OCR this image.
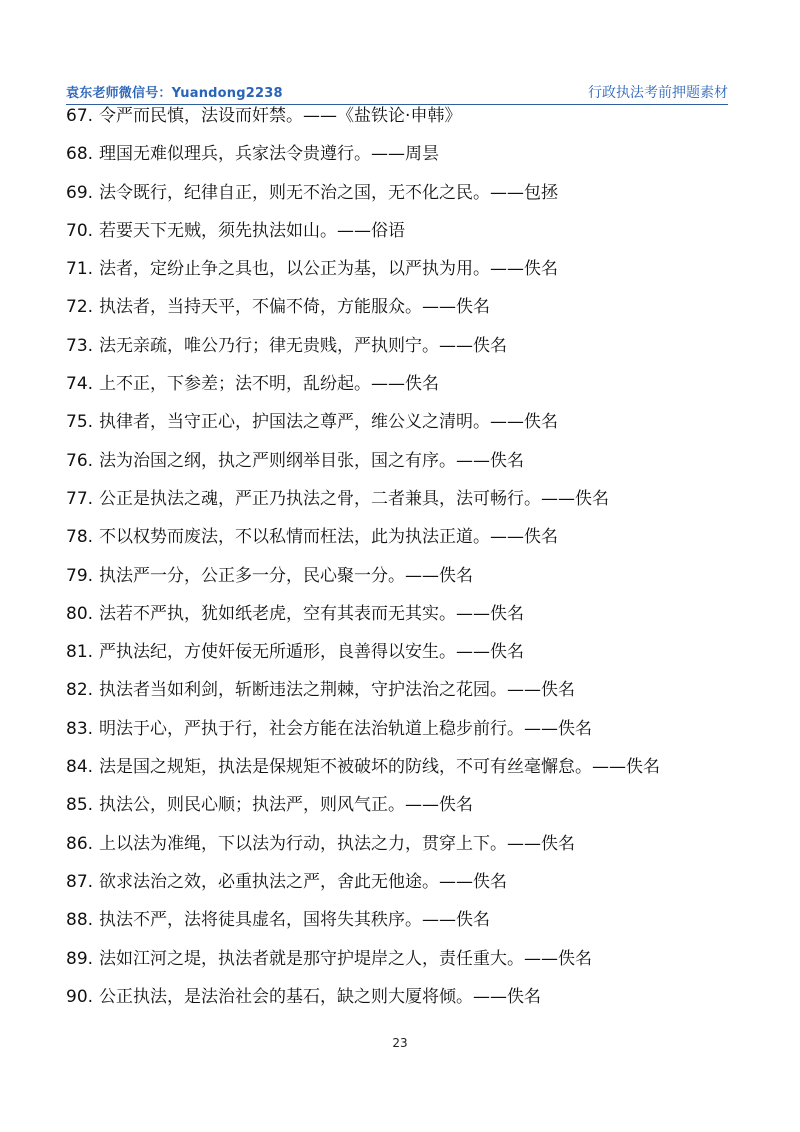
袁东老师微信号：Yuandong2238	行政执法考前押题素材
67. 令严而民慎，法设而奸禁。——《盐铁论·申韩》
68. 理国无难似理兵，兵家法令贵遵行。——周昙
69. 法令既行，纪律自正，则无不治之国，无不化之民。——包拯
70. 若要天下无贼，须先执法如山。——俗语
71. 法者，定纷止争之具也，以公正为基，以严执为用。——佚名
72. 执法者，当持天平，不偏不倚，方能服众。——佚名
73. 法无亲疏，唯公乃行；律无贵贱，严执则宁。——佚名
74. 上不正，下参差；法不明，乱纷起。——佚名
75. 执律者，当守正心，护国法之尊严，维公义之清明。——佚名
76. 法为治国之纲，执之严则纲举目张，国之有序。——佚名
77. 公正是执法之魂，严正乃执法之骨，二者兼具，法可畅行。——佚名
78. 不以权势而废法，不以私情而枉法，此为执法正道。——佚名
79. 执法严一分，公正多一分，民心聚一分。——佚名
80. 法若不严执，犹如纸老虎，空有其表而无其实。——佚名
81. 严执法纪，方使奸佞无所遁形，良善得以安生。——佚名
82. 执法者当如利剑，斩断违法之荆棘，守护法治之花园。——佚名
83. 明法于心，严执于行，社会方能在法治轨道上稳步前行。——佚名
84. 法是国之规矩，执法是保规矩不被破坏的防线，不可有丝毫懈怠。——佚名
85. 执法公，则民心顺；执法严，则风气正。——佚名
86. 上以法为准绳，下以法为行动，执法之力，贯穿上下。——佚名
87. 欲求法治之效，必重执法之严，舍此无他途。——佚名
88. 执法不严，法将徒具虚名，国将失其秩序。——佚名
89. 法如江河之堤，执法者就是那守护堤岸之人，责任重大。——佚名
90. 公正执法，是法治社会的基石，缺之则大厦将倾。——佚名
23
